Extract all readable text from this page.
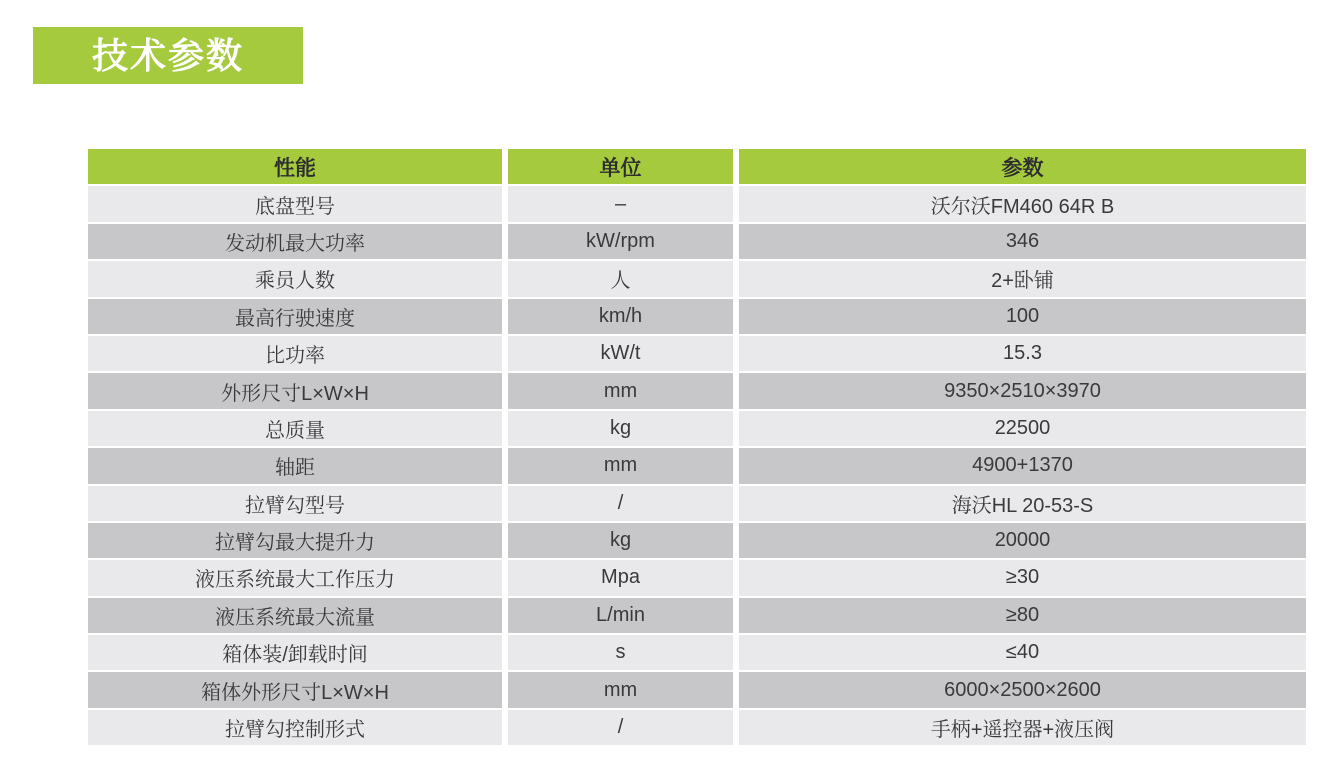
技术参数
性能	单位	参数
底盘型号	–	沃尔沃FM460 64R B
发动机最大功率	kW/rpm	346
乘员人数	人	2+卧铺
最高行驶速度	km/h	100
比功率	kW/t	15.3
外形尺寸L×W×H	mm	9350×2510×3970
总质量	kg	22500
轴距	mm	4900+1370
拉臂勾型号	/	海沃HL 20-53-S
拉臂勾最大提升力	kg	20000
液压系统最大工作压力	Mpa	≥30
液压系统最大流量	L/min	≥80
箱体装/卸载时间	s	≤40
箱体外形尺寸L×W×H	mm	6000×2500×2600
拉臂勾控制形式	/	手柄+遥控器+液压阀
